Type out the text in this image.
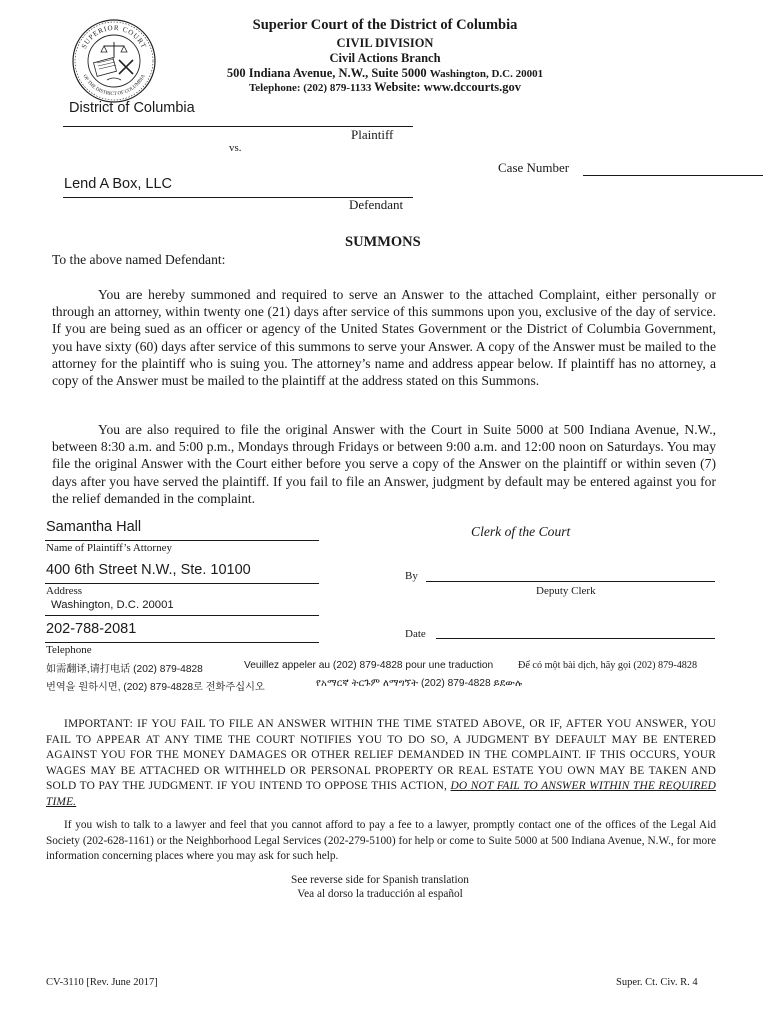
SUPERIOR COURT
OF THE DISTRICT OF COLUMBIA
Superior Court of the District of Columbia
CIVIL DIVISION
Civil Actions Branch
500 Indiana Avenue, N.W., Suite 5000 Washington, D.C. 20001
Telephone: (202) 879-1133 Website: www.dccourts.gov
District of Columbia
Plaintiff
vs.
Case Number
Lend A Box, LLC
Defendant
SUMMONS
To the above named Defendant:
You are hereby summoned and required to serve an Answer to the attached Complaint, either personally or through an attorney, within twenty one (21) days after service of this summons upon you, exclusive of the day of service. If you are being sued as an officer or agency of the United States Government or the District of Columbia Government, you have sixty (60) days after service of this summons to serve your Answer. A copy of the Answer must be mailed to the attorney for the plaintiff who is suing you. The attorney’s name and address appear below. If plaintiff has no attorney, a copy of the Answer must be mailed to the plaintiff at the address stated on this Summons.
You are also required to file the original Answer with the Court in Suite 5000 at 500 Indiana Avenue, N.W., between 8:30 a.m. and 5:00 p.m., Mondays through Fridays or between 9:00 a.m. and 12:00 noon on Saturdays. You may file the original Answer with the Court either before you serve a copy of the Answer on the plaintiff or within seven (7) days after you have served the plaintiff. If you fail to file an Answer, judgment by default may be entered against you for the relief demanded in the complaint.
Samantha Hall
Name of Plaintiff’s Attorney
Clerk of the Court
400 6th Street N.W., Ste. 10100
Address
By
Deputy Clerk
Washington, D.C. 20001
202-788-2081
Telephone
Date
如需翻译,请打电话 (202) 879-4828	Veuillez appeler au (202) 879-4828 pour une traduction Để có một bài dịch, hãy gọi (202) 879-4828
번역을 원하시면, (202) 879-4828로 전화주십시오	የአማርኛ ትርጉም ለማግኘት (202) 879-4828 ይደውሉ
IMPORTANT: IF YOU FAIL TO FILE AN ANSWER WITHIN THE TIME STATED ABOVE, OR IF, AFTER YOU ANSWER, YOU FAIL TO APPEAR AT ANY TIME THE COURT NOTIFIES YOU TO DO SO, A JUDGMENT BY DEFAULT MAY BE ENTERED AGAINST YOU FOR THE MONEY DAMAGES OR OTHER RELIEF DEMANDED IN THE COMPLAINT. IF THIS OCCURS, YOUR WAGES MAY BE ATTACHED OR WITHHELD OR PERSONAL PROPERTY OR REAL ESTATE YOU OWN MAY BE TAKEN AND SOLD TO PAY THE JUDGMENT. IF YOU INTEND TO OPPOSE THIS ACTION, DO NOT FAIL TO ANSWER WITHIN THE REQUIRED TIME.
If you wish to talk to a lawyer and feel that you cannot afford to pay a fee to a lawyer, promptly contact one of the offices of the Legal Aid Society (202-628-1161) or the Neighborhood Legal Services (202-279-5100) for help or come to Suite 5000 at 500 Indiana Avenue, N.W., for more information concerning places where you may ask for such help.
See reverse side for Spanish translation
Vea al dorso la traducción al español
CV-3110 [Rev. June 2017]	Super. Ct. Civ. R. 4
